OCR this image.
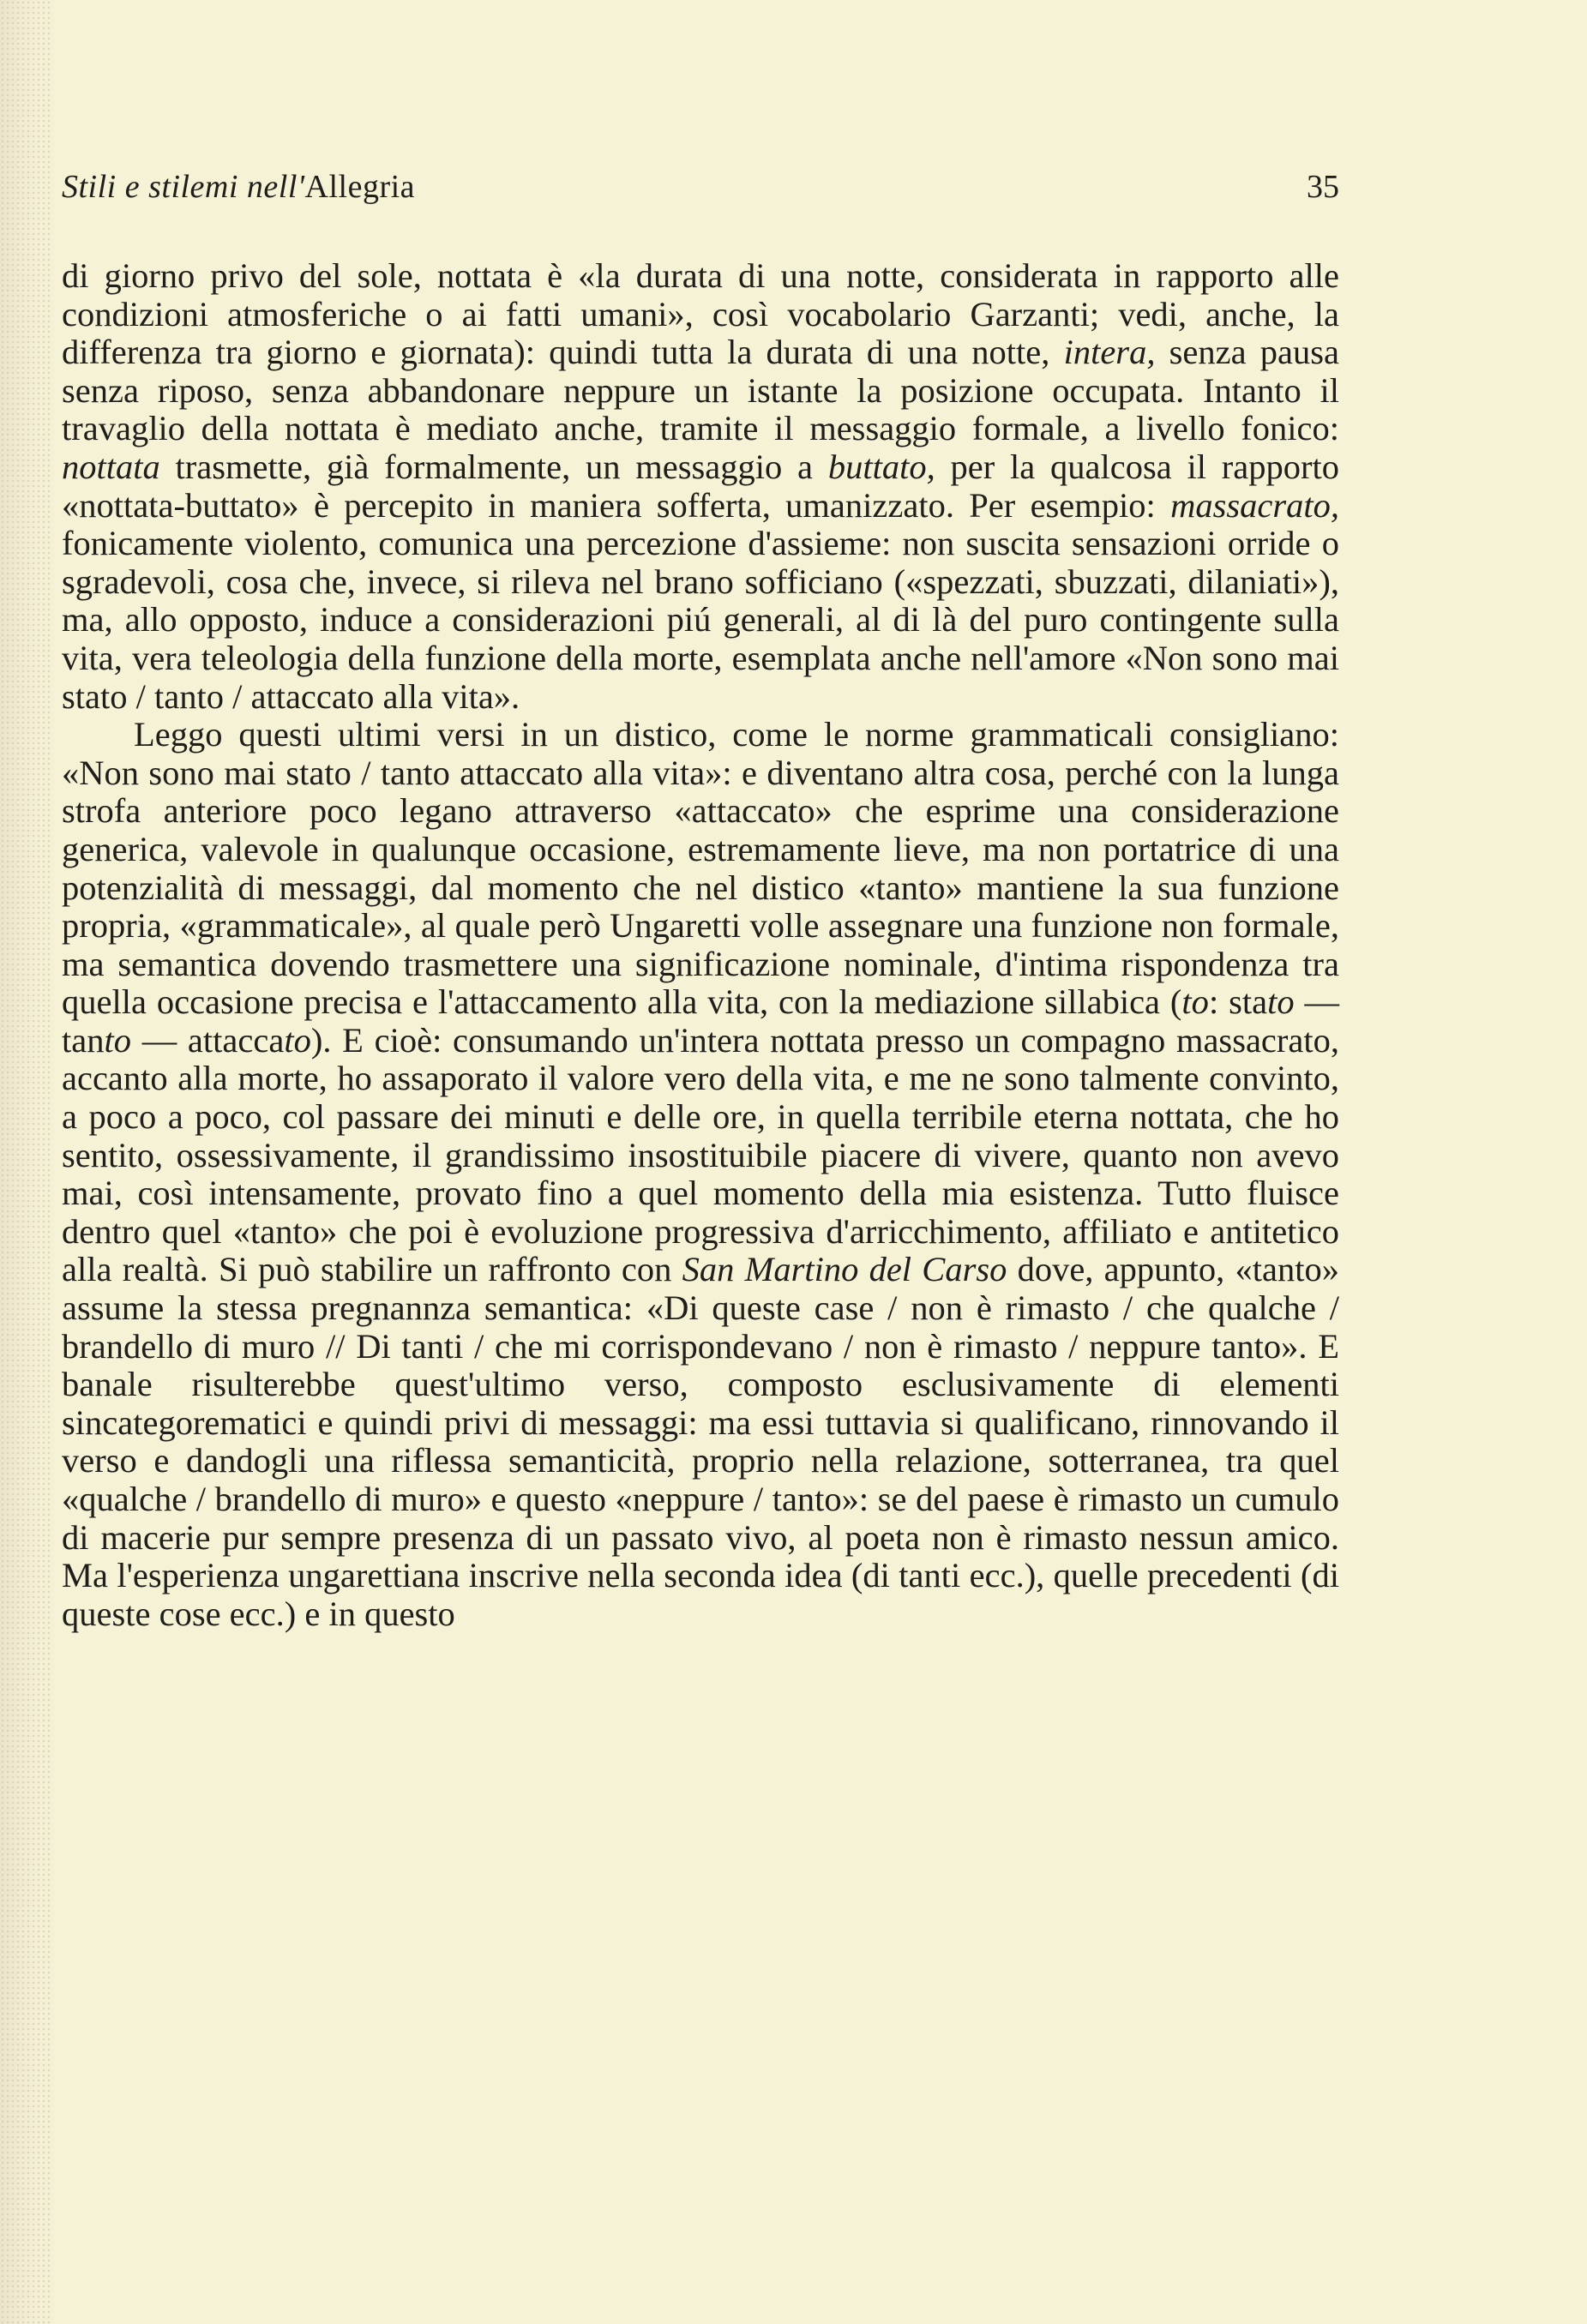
Stili e stilemi nell'Allegria	35

di giorno privo del sole, nottata è «la durata di una notte, considerata in rapporto alle condizioni atmosferiche o ai fatti umani», così vocabolario Garzanti; vedi, anche, la differenza tra giorno e giornata): quindi tutta la durata di una notte, intera, senza pausa senza riposo, senza abbandonare neppure un istante la posizione occupata. Intanto il travaglio della nottata è mediato anche, tramite il messaggio formale, a livello fonico: nottata trasmette, già formalmente, un messaggio a buttato, per la qualcosa il rapporto «nottata-buttato» è percepito in maniera sofferta, umanizzato. Per esempio: massacrato, fonicamente violento, comunica una percezione d'assieme: non suscita sensazioni orride o sgradevoli, cosa che, invece, si rileva nel brano sofficiano («spezzati, sbuzzati, dilaniati»), ma, allo opposto, induce a considerazioni piú generali, al di là del puro contingente sulla vita, vera teleologia della funzione della morte, esemplata anche nell'amore «Non sono mai stato / tanto / attaccato alla vita».

Leggo questi ultimi versi in un distico, come le norme grammaticali consigliano: «Non sono mai stato / tanto attaccato alla vita»: e diventano altra cosa, perché con la lunga strofa anteriore poco legano attraverso «attaccato» che esprime una considerazione generica, valevole in qualunque occasione, estremamente lieve, ma non portatrice di una potenzialità di messaggi, dal momento che nel distico «tanto» mantiene la sua funzione propria, «grammaticale», al quale però Ungaretti volle assegnare una funzione non formale, ma semantica dovendo trasmettere una significazione nominale, d'intima rispondenza tra quella occasione precisa e l'attaccamento alla vita, con la mediazione sillabica (to: stato — tanto — attaccato). E cioè: consumando un'intera nottata presso un compagno massacrato, accanto alla morte, ho assaporato il valore vero della vita, e me ne sono talmente convinto, a poco a poco, col passare dei minuti e delle ore, in quella terribile eterna nottata, che ho sentito, ossessivamente, il grandissimo insostituibile piacere di vivere, quanto non avevo mai, così intensamente, provato fino a quel momento della mia esistenza. Tutto fluisce dentro quel «tanto» che poi è evoluzione progressiva d'arricchimento, affiliato e antitetico alla realtà. Si può stabilire un raffronto con San Martino del Carso dove, appunto, «tanto» assume la stessa pregnannza semantica: «Di queste case / non è rimasto / che qualche / brandello di muro // Di tanti / che mi corrispondevano / non è rimasto / neppure tanto». E banale risulterebbe quest'ultimo verso, composto esclusivamente di elementi sincategorematici e quindi privi di messaggi: ma essi tuttavia si qualificano, rinnovando il verso e dandogli una riflessa semanticità, proprio nella relazione, sotterranea, tra quel «qualche / brandello di muro» e questo «neppure / tanto»: se del paese è rimasto un cumulo di macerie pur sempre presenza di un passato vivo, al poeta non è rimasto nessun amico. Ma l'esperienza ungarettiana inscrive nella seconda idea (di tanti ecc.), quelle precedenti (di queste cose ecc.) e in questo
